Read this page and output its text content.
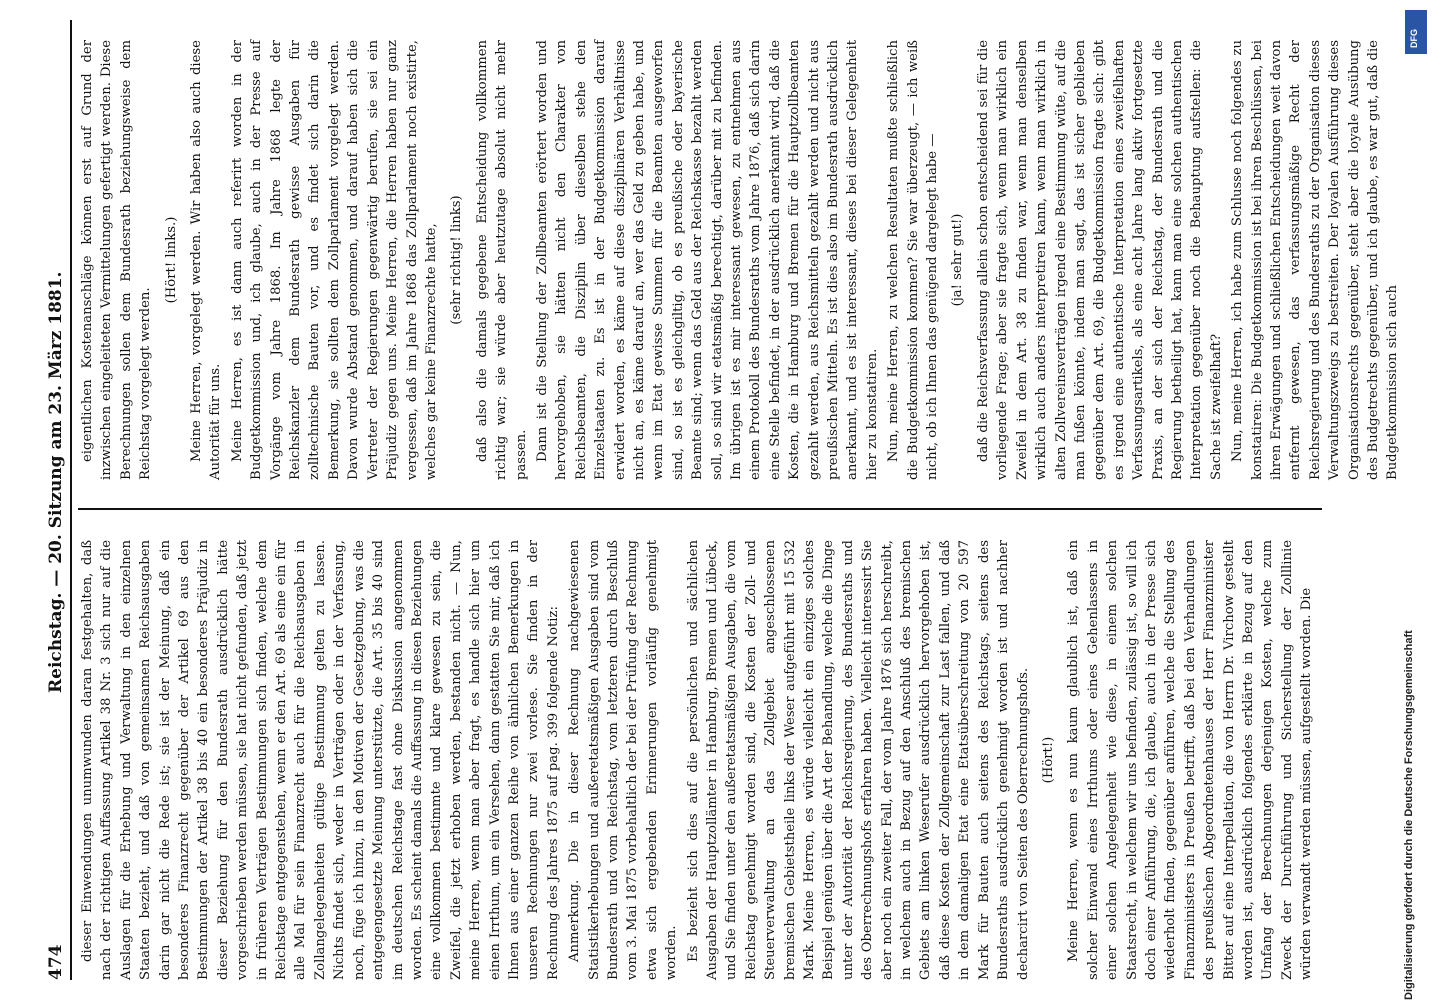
474
Reichstag. — 20. Sitzung am 23. März 1881.

dieser Einwendungen unumwunden daran festgehalten, daß nach der richtigen Auffassung Artikel 38 Nr. 3 sich nur auf die Auslagen für die Erhebung und Verwaltung in den einzelnen Staaten bezieht, und daß von gemeinsamen Reichsausgaben darin gar nicht die Rede ist; sie ist der Meinung, daß ein besonderes Finanzrecht gegenüber der Artikel 69 aus den Bestimmungen der Artikel 38 bis 40 ein besonderes Präjudiz in dieser Beziehung für den Bundesrath ausdrücklich hätte vorgeschrieben werden müssen, sie hat nicht gefunden, daß jetzt in früheren Verträgen Bestimmungen sich finden, welche dem Reichstage entgegenstehen, wenn er den Art. 69 als eine ein für alle Mal für sein Finanzrecht auch für die Reichsausgaben in Zollangelegenheiten gültige Bestimmung gelten zu lassen. Nichts findet sich, weder in Verträgen oder in der Verfassung, noch, füge ich hinzu, in den Motiven der Gesetzgebung, was die entgegengesetzte Meinung unterstützte, die Art. 35 bis 40 sind im deutschen Reichstage fast ohne Diskussion angenommen worden. Es scheint damals die Auffassung in diesen Beziehungen eine vollkommen bestimmte und klare gewesen zu sein, die Zweifel, die jetzt erhoben werden, bestanden nicht. — Nun, meine Herren, wenn man aber fragt, es handle sich hier um einen Irrthum, um ein Versehen, dann gestatten Sie mir, daß ich Ihnen aus einer ganzen Reihe von ähnlichen Bemerkungen in unseren Rechnungen nur zwei vorlese. Sie finden in der Rechnung des Jahres 1875 auf pag. 399 folgende Notiz: Anmerkung. Die in dieser Rechnung nachgewiesenen Statistikerhebungen und außeretatsmäßigen Ausgaben sind vom Bundesrath und vom Reichstag, vom letzteren durch Beschluß vom 3. Mai 1875 vorbehaltlich der bei der Prüfung der Rechnung etwa sich ergebenden Erinnerungen vorläufig genehmigt worden. Es bezieht sich dies auf die persönlichen und sächlichen Ausgaben der Hauptzollämter in Hamburg, Bremen und Lübeck, und Sie finden unter den außeretatsmäßigen Ausgaben, die vom Reichstag genehmigt worden sind, die Kosten der Zoll- und Steuerverwaltung an das Zollgebiet angeschlossenen bremischen Gebietstheile links der Weser aufgeführt mit 15 532 Mark. Meine Herren, es würde vielleicht ein einziges solches Beispiel genügen über die Art der Behandlung, welche die Dinge unter der Autorität der Reichsregierung, des Bundesraths und des Oberrechnungshofs erfahren haben. Vielleicht interessirt Sie aber noch ein zweiter Fall, der vom Jahre 1876 sich herschreibt, in welchem auch in Bezug auf den Anschluß des bremischen Gebiets am linken Weserufer ausdrücklich hervorgehoben ist, daß diese Kosten der Zollgemeinschaft zur Last fallen, und daß in dem damaligen Etat eine Etatsüberschreitung von 20 597 Mark für Bauten auch seitens des Reichstags, seitens des Bundesraths ausdrücklich genehmigt worden ist und nachher decharcirt von Seiten des Oberrechnungshofs. (Hört!) Meine Herren, wenn es nun kaum glaublich ist, daß ein solcher Einwand eines Irrthums oder eines Gehenlassens in einer solchen Angelegenheit wie diese, in einem solchen Staatsrecht, in welchem wir uns befinden, zulässig ist, so will ich doch einer Anführung, die, ich glaube, auch in der Presse sich wiederholt finden, gegenüber anführen, welche die Stellung des Finanzministers in Preußen betrifft, daß bei den Verhandlungen des preußischen Abgeordnetenhauses der Herr Finanzminister Bitter auf eine Interpellation, die von Herrn Dr. Virchow gestellt worden ist, ausdrücklich folgendes erklärte in Bezug auf den Umfang der Berechnungen derjenigen Kosten, welche zum Zweck der Durchführung und Sicherstellung der Zolllinie würden verwandt werden müssen, aufgestellt worden. Die

eigentlichen Kostenanschläge können erst auf Grund der inzwischen eingeleiteten Vermittelungen gefertigt werden. Diese Berechnungen sollen dem Bundesrath beziehungsweise dem Reichstag vorgelegt werden.

(Hört! links.) Meine Herren, vorgelegt werden. Wir haben also auch diese Autorität für uns. Meine Herren, es ist dann auch referirt worden in der Budgetkommission und, ich glaube, auch in der Presse auf Vorgänge vom Jahre 1868. Im Jahre 1868 legte der Reichskanzler dem Bundesrath gewisse Ausgaben für zolltechnische Bauten vor, und es findet sich darin die Bemerkung, sie sollten dem Zollparlament vorgelegt werden. Davon wurde Abstand genommen, und darauf haben sich die Vertreter der Regierungen gegenwärtig berufen, sie sei ein Präjudiz gegen uns. Meine Herren, die Herren haben nur ganz vergessen, daß im Jahre 1868 das Zollparlament noch existirte, welches gar keine Finanzrechte hatte, (sehr richtig! links) daß also die damals gegebene Entscheidung vollkommen richtig war; sie würde aber heutzutage absolut nicht mehr passen. Dann ist die Stellung der Zollbeamten erörtert worden und hervorgehoben, sie hätten nicht den Charakter von Reichsbeamten, die Disziplin über dieselben stehe den Einzelstaaten zu. Es ist in der Budgetkommission darauf erwidert worden, es käme auf diese disziplinären Verhältnisse nicht an, es käme darauf an, wer das Geld zu geben habe, und wenn im Etat gewisse Summen für die Beamten ausgeworfen sind, so ist es gleichgiltig, ob es preußische oder bayerische Beamte sind; wenn das Geld aus der Reichskasse bezahlt werden soll, so sind wir etatsmäßig berechtigt, darüber mit zu befinden. Im übrigen ist es mir interessant gewesen, zu entnehmen aus einem Protokoll des Bundesraths vom Jahre 1876, daß sich darin eine Stelle befindet, in der ausdrücklich anerkannt wird, daß die Kosten, die in Hamburg und Bremen für die Hauptzollbeamten gezahlt werden, aus Reichsmitteln gezahlt werden und nicht aus preußischen Mitteln. Es ist dies also im Bundesrath ausdrücklich anerkannt, und es ist interessant, dieses bei dieser Gelegenheit hier zu konstatiren. Nun, meine Herren, zu welchen Resultaten mußte schließlich die Budgetkommission kommen? Sie war überzeugt, — ich weiß nicht, ob ich Ihnen das genügend dargelegt habe — (ja! sehr gut!) daß die Reichsverfassung allein schon entscheidend sei für die vorliegende Frage; aber sie fragte sich, wenn man wirklich ein Zweifel in dem Art. 38 zu finden war, wenn man denselben wirklich auch anders interpretiren kann, wenn man wirklich in alten Zollvereinsverträgen irgend eine Bestimmung wüte, auf die man fußen könnte, indem man sagt, das ist sicher geblieben gegenüber dem Art. 69, die Budgetkommission fragte sich: gibt es irgend eine authentische Interpretation eines zweifelhaften Verfassungsartikels, als eine acht Jahre lang aktiv fortgesetzte Praxis, an der sich der Reichstag, der Bundesrath und die Regierung betheiligt hat, kann man eine solchen authentischen Interpretation gegenüber noch die Behauptung aufstellen: die Sache ist zweifelhaft? Nun, meine Herren, ich habe zum Schlusse noch folgendes zu konstatiren: Die Budgetkommission ist bei ihren Beschlüssen, bei ihren Erwägungen und schließlichen Entscheidungen weit davon entfernt gewesen, das verfassungsmäßige Recht der Reichsregierung und des Bundesraths zu der Organisation dieses Verwaltungszweigs zu bestreiten. Der loyalen Ausführung dieses Organisationsrechts gegenüber, steht aber die loyale Ausübung des Budgetrechts gegenüber, und ich glaube, es war gut, daß die Budgetkommission sich auch

Digitalisierung gefördert durch die Deutsche Forschungsgemeinschaft
DFG
